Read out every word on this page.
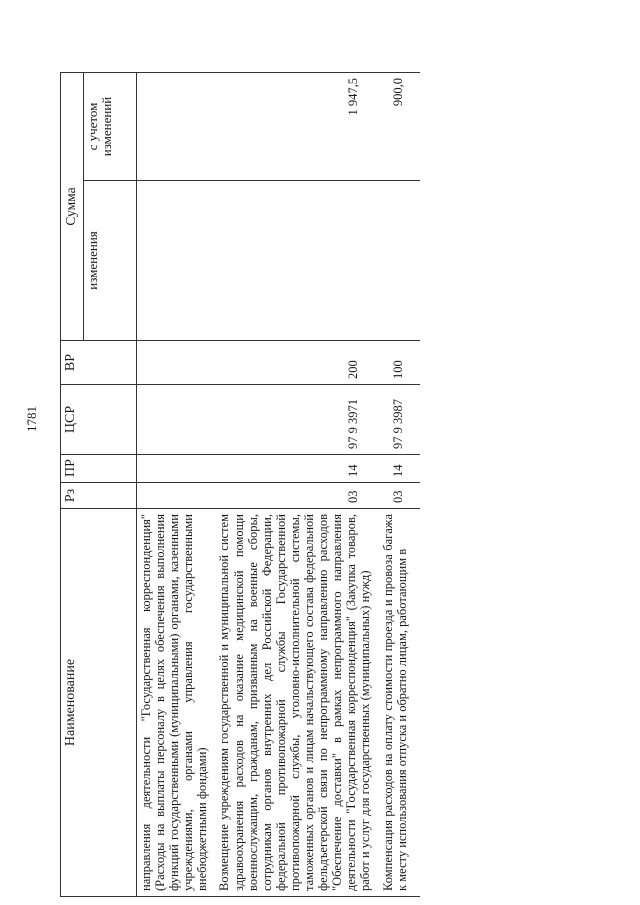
1781
Наименование	Рз	ПР	ЦСР	ВР	Сумма	
					изменения	с учетом изменений
направления деятельности "Государственная корреспонденция" (Расходы на выплаты персоналу в целях обеспечения выполнения функций государственными (муниципальными) органами, казенными учреждениями, органами управления государственными внебюджетными фондами)						
Возмещение учреждениям государственной и муниципальной систем здравоохранения расходов на оказание медицинской помощи военнослужащим, гражданам, призванным на военные сборы, сотрудникам органов внутренних дел Российской Федерации, федеральной противопожарной службы Государственной противопожарной службы, уголовно-исполнительной системы, таможенных органов и лицам начальствующего состава федеральной фельдъегерской связи по непрограммному направлению расходов "Обеспечение доставки" в рамках непрограммного направления деятельности "Государственная корреспонденция" (Закупка товаров, работ и услуг для государственных (муниципальных) нужд)	03	14	97 9 3971	200		1 947,5
Компенсация расходов на оплату стоимости проезда и провоза багажа к месту использования отпуска и обратно лицам, работающим в	03	14	97 9 3987	100		900,0
